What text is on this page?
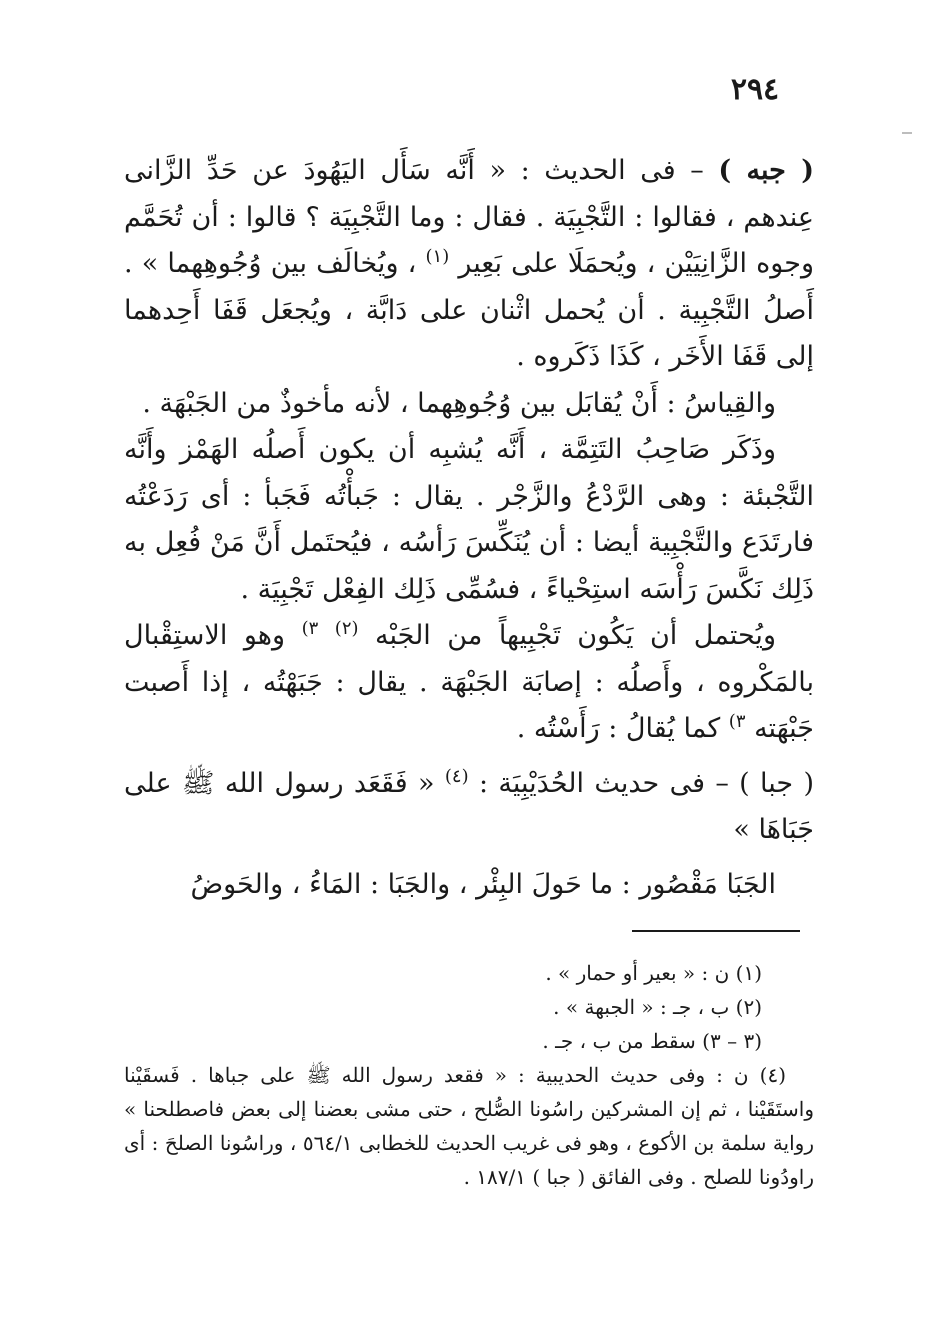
٢٩٤

( جبه ) – فى الحديث : « أَنَّه سَأَل اليَهُودَ عن حَدِّ الزَّانى عِندهم ، فقالوا : التَّجْبِيَة . فقال : وما التَّجْبِيَة ؟ قالوا : أن تُحَمَّم وجوه الزَّانِيَيْن ، ويُحمَلَا على بَعِير $^{(١)}$ ، ويُخالَف بين وُجُوهِهما » . أَصلُ التَّجْبِية . أن يُحمل اثْنان على دَابَّة ، ويُجعَل قَفَا أَحِدهما إلى قَفَا الأَخَر ، كَذَا ذَكَروه .

والقِياسُ : أَنْ يُقابَل بين وُجُوهِهما ، لأنه مأخوذٌ من الجَبْهَة .

وذَكَر صَاحِبُ التَتِمَّة ، أَنَّه يُشبِه أن يكون أَصلُه الهَمْز وأَنَّه التَّجْبئة : وهى الرَّدْعُ والزَّجْر . يقال : جَبأْتُه فَجَبأ : أى رَدَعْتُه فارتَدَع والتَّجْبِية أيضا : أن يُنَكِّسَ رَأسُه ، فيُحتَمل أَنَّ مَنْ فُعِل به ذَلِك نَكَّسَ رَأْسَه استِحْياءً ، فسُمِّى ذَلِك الفِعْل تَجْبِيَة .

ويُحتمل أن يَكُون تَجْبِيهاً من الجَبْه $^{(٢)}$ $^{٣)}$ وهو الاستِقْبال بالمَكْروه ، وأَصلُه : إصابَة الجَبْهَة . يقال : جَبَهْتُه ، إذا أَصبت جَبْهَته $^{٣)}$ كما يُقالُ : رَأَسْتُه .

( جبا ) – فى حديث الحُدَيْبِيَة : $^{(٤)}$ « فَقَعَد رسول الله ﷺ على جَبَاهَا »

الجَبَا مَقْصُور : ما حَولَ البِئْر ، والجَبَا : المَاءُ ، والحَوضُ

(١) ن : « بعير أو حمار » .

(٢) ب ، جـ : « الجبهة » .

(٣ – ٣) سقط من ب ، جـ .

(٤) ن : وفى حديث الحديبية : « فقعد رسول الله ﷺ على جباها . فَسقَيْنا واستَقَيْنا ، ثم إن المشركين راسُونا الصُّلح ، حتى مشى بعضنا إلى بعض فاصطلحنا » رواية سلمة بن الأكوع ، وهو فى غريب الحديث للخطابى ٥٦٤/١ ، وراسُونا الصلحَ : أى راودُونا للصلح . وفى الفائق ( جبا ) ١٨٧/١ .
